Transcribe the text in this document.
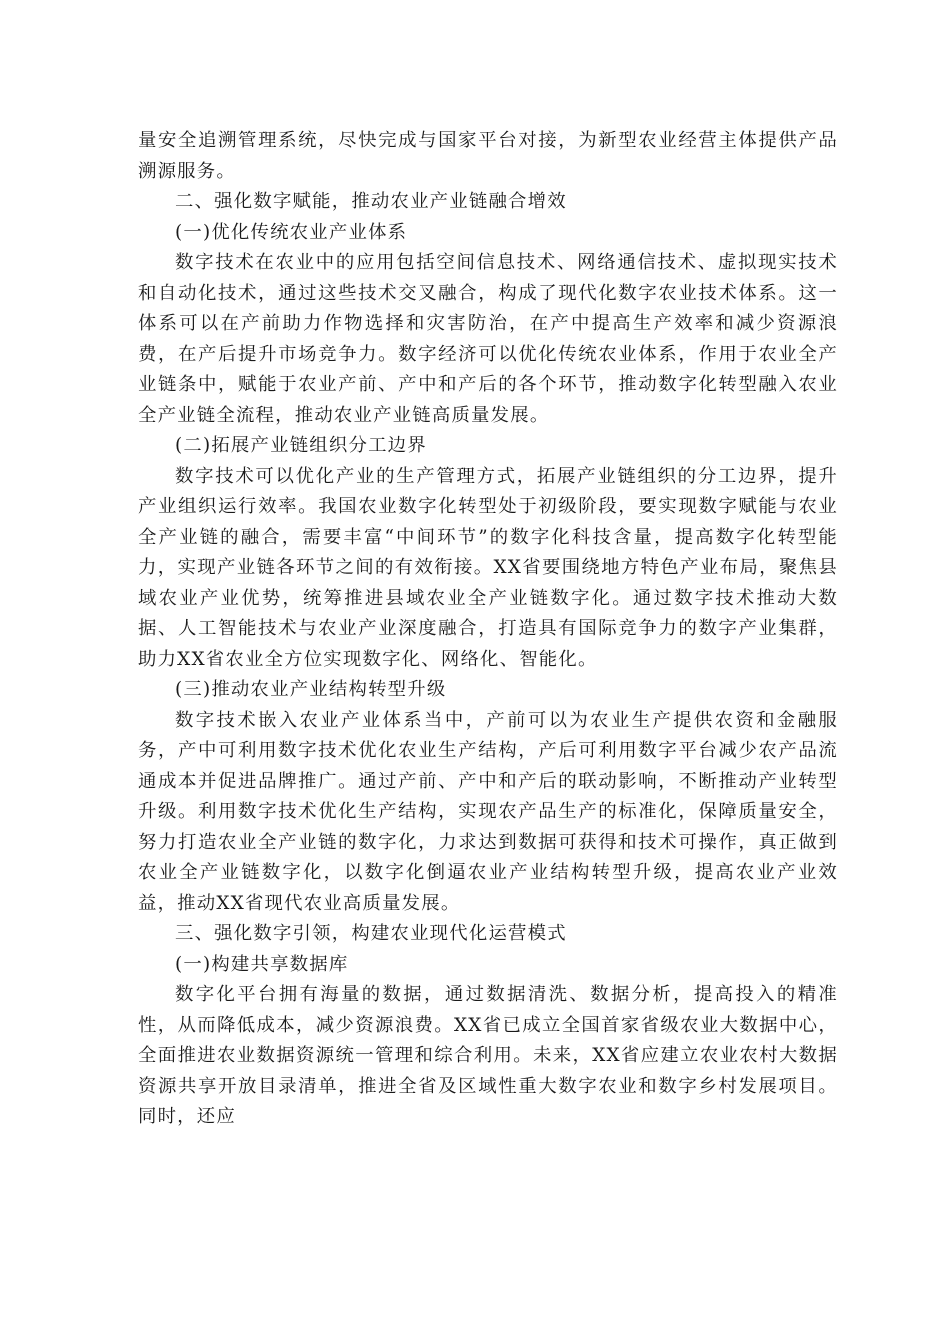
量安全追溯管理系统，尽快完成与国家平台对接，为新型农业经营主体提供产品溯源服务。

二、强化数字赋能，推动农业产业链融合增效

(一)优化传统农业产业体系

数字技术在农业中的应用包括空间信息技术、网络通信技术、虚拟现实技术和自动化技术，通过这些技术交叉融合，构成了现代化数字农业技术体系。这一体系可以在产前助力作物选择和灾害防治，在产中提高生产效率和减少资源浪费，在产后提升市场竞争力。数字经济可以优化传统农业体系，作用于农业全产业链条中，赋能于农业产前、产中和产后的各个环节，推动数字化转型融入农业全产业链全流程，推动农业产业链高质量发展。

(二)拓展产业链组织分工边界

数字技术可以优化产业的生产管理方式，拓展产业链组织的分工边界，提升产业组织运行效率。我国农业数字化转型处于初级阶段，要实现数字赋能与农业全产业链的融合，需要丰富“中间环节”的数字化科技含量，提高数字化转型能力，实现产业链各环节之间的有效衔接。XX省要围绕地方特色产业布局，聚焦县域农业产业优势，统筹推进县域农业全产业链数字化。通过数字技术推动大数据、人工智能技术与农业产业深度融合，打造具有国际竞争力的数字产业集群，助力XX省农业全方位实现数字化、网络化、智能化。

(三)推动农业产业结构转型升级

数字技术嵌入农业产业体系当中，产前可以为农业生产提供农资和金融服务，产中可利用数字技术优化农业生产结构，产后可利用数字平台减少农产品流通成本并促进品牌推广。通过产前、产中和产后的联动影响，不断推动产业转型升级。利用数字技术优化生产结构，实现农产品生产的标准化，保障质量安全，努力打造农业全产业链的数字化，力求达到数据可获得和技术可操作，真正做到农业全产业链数字化，以数字化倒逼农业产业结构转型升级，提高农业产业效益，推动XX省现代农业高质量发展。

三、强化数字引领，构建农业现代化运营模式

(一)构建共享数据库

数字化平台拥有海量的数据，通过数据清洗、数据分析，提高投入的精准性，从而降低成本，减少资源浪费。XX省已成立全国首家省级农业大数据中心，全面推进农业数据资源统一管理和综合利用。未来，XX省应建立农业农村大数据资源共享开放目录清单，推进全省及区域性重大数字农业和数字乡村发展项目。同时，还应
